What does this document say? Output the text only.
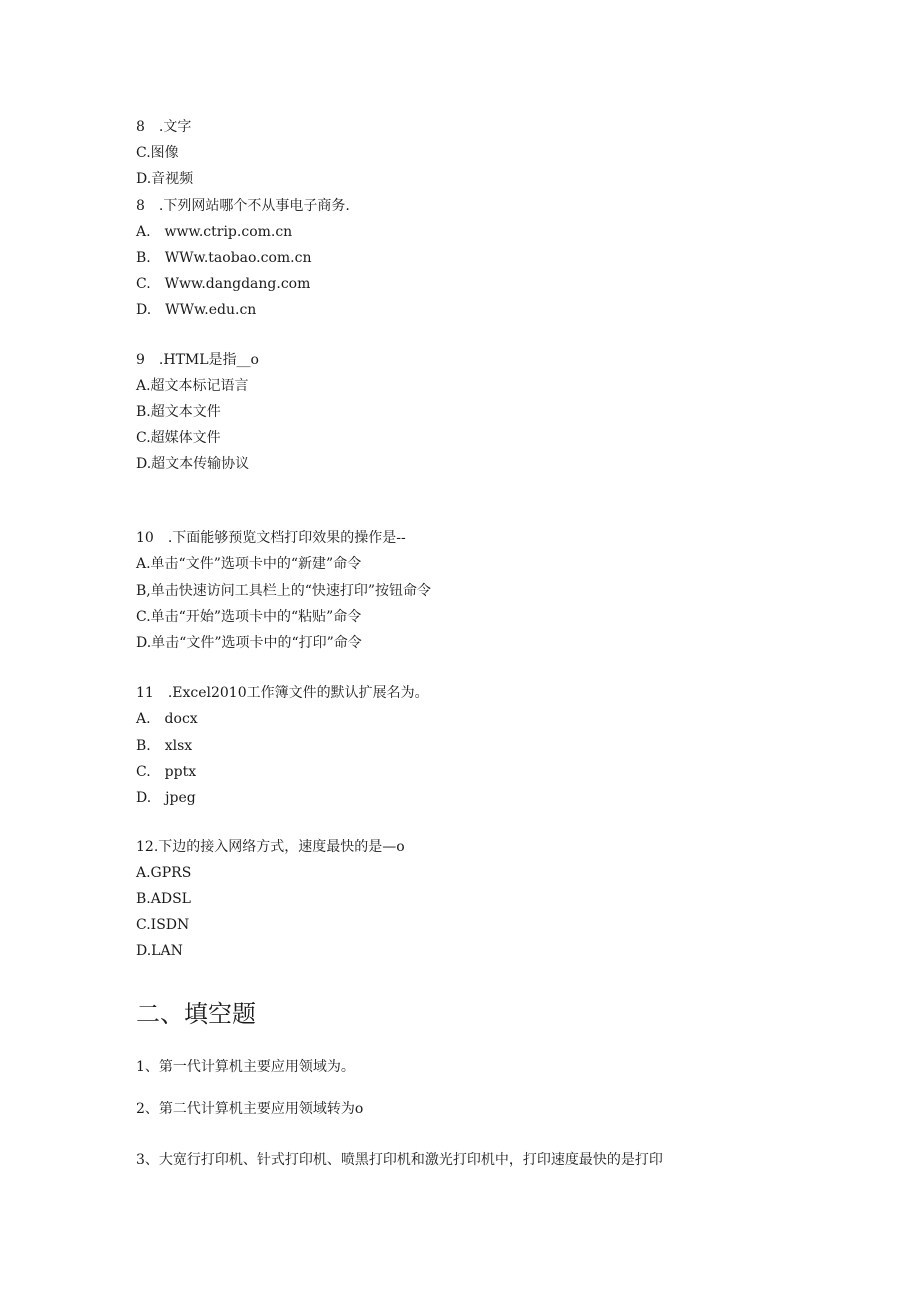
8　.文字
C.图像
D.音视频
8　.下列网站哪个不从事电子商务.
A.　www.ctrip.com.cn
B.　WWw.taobao.com.cn
C.　Www.dangdang.com
D.　WWw.edu.cn
9　.HTML是指__o
A.超文本标记语言
B.超文本文件
C.超媒体文件
D.超文本传输协议
10　.下面能够预览文档打印效果的操作是--
A.单击“文件”选项卡中的“新建”命令
B,单击快速访问工具栏上的“快速打印”按钮命令
C.单击“开始”选项卡中的“粘贴”命令
D.单击“文件”选项卡中的“打印”命令
11　.Excel2010工作簿文件的默认扩展名为。
A.　docx
B.　xlsx
C.　pptx
D.　jpeg
12.下边的接入网络方式，速度最快的是—o
A.GPRS
B.ADSL
C.ISDN
D.LAN
二、填空题
1、第一代计算机主要应用领域为。
2、第二代计算机主要应用领域转为o
3、大宽行打印机、针式打印机、喷黑打印机和激光打印机中，打印速度最快的是打印
